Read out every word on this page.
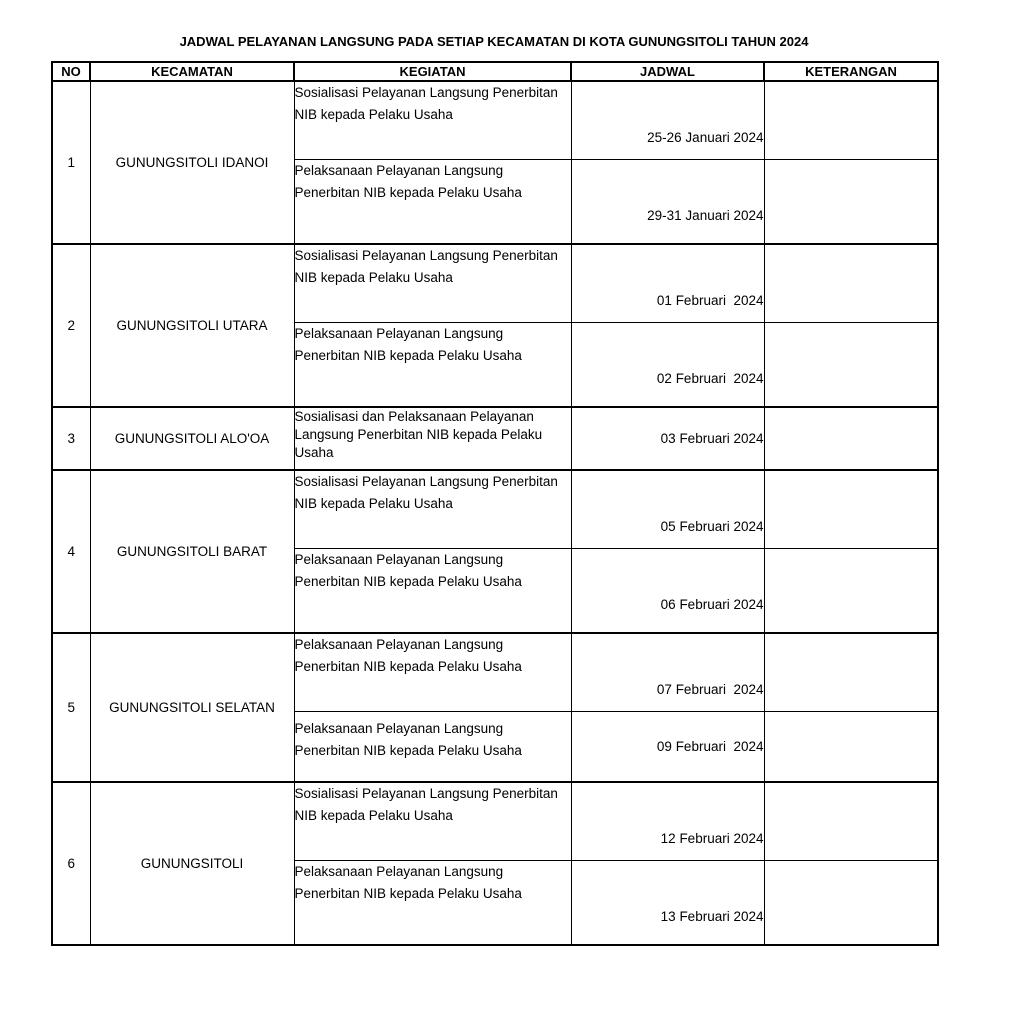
JADWAL PELAYANAN LANGSUNG PADA SETIAP KECAMATAN DI KOTA GUNUNGSITOLI TAHUN 2024
NO	KECAMATAN	KEGIATAN	JADWAL	KETERANGAN
1	GUNUNGSITOLI IDANOI	Sosialisasi Pelayanan Langsung Penerbitan NIB kepada Pelaku Usaha	25-26 Januari 2024	
		Pelaksanaan Pelayanan Langsung Penerbitan NIB kepada Pelaku Usaha	29-31 Januari 2024	
2	GUNUNGSITOLI UTARA	Sosialisasi Pelayanan Langsung Penerbitan NIB kepada Pelaku Usaha	01 Februari  2024	
		Pelaksanaan Pelayanan Langsung Penerbitan NIB kepada Pelaku Usaha	02 Februari  2024	
3	GUNUNGSITOLI ALO'OA	Sosialisasi dan Pelaksanaan Pelayanan Langsung Penerbitan NIB kepada Pelaku Usaha	03 Februari 2024	
4	GUNUNGSITOLI BARAT	Sosialisasi Pelayanan Langsung Penerbitan NIB kepada Pelaku Usaha	05 Februari 2024	
		Pelaksanaan Pelayanan Langsung Penerbitan NIB kepada Pelaku Usaha	06 Februari 2024	
5	GUNUNGSITOLI SELATAN	Pelaksanaan Pelayanan Langsung Penerbitan NIB kepada Pelaku Usaha	07 Februari  2024	
		Pelaksanaan Pelayanan Langsung Penerbitan NIB kepada Pelaku Usaha	09 Februari  2024	
6	GUNUNGSITOLI	Sosialisasi Pelayanan Langsung Penerbitan NIB kepada Pelaku Usaha	12 Februari 2024	
		Pelaksanaan Pelayanan Langsung Penerbitan NIB kepada Pelaku Usaha	13 Februari 2024	
